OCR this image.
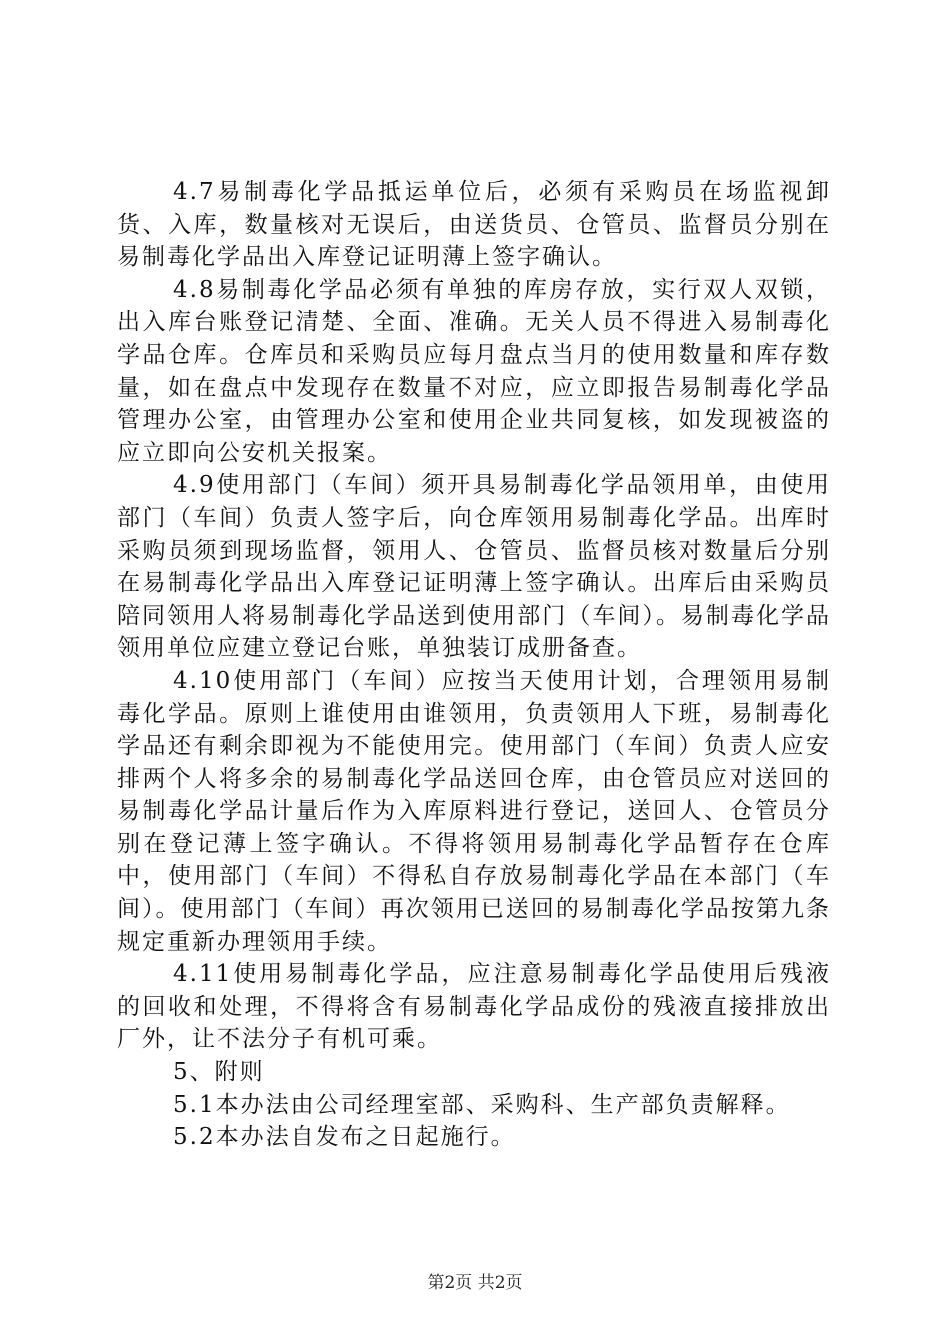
4.7易制毒化学品抵运单位后，必须有采购员在场监视卸货、入库，数量核对无误后，由送货员、仓管员、监督员分别在易制毒化学品出入库登记证明薄上签字确认。

4.8易制毒化学品必须有单独的库房存放，实行双人双锁，出入库台账登记清楚、全面、准确。无关人员不得进入易制毒化学品仓库。仓库员和采购员应每月盘点当月的使用数量和库存数量，如在盘点中发现存在数量不对应，应立即报告易制毒化学品管理办公室，由管理办公室和使用企业共同复核，如发现被盗的应立即向公安机关报案。

4.9使用部门（车间）须开具易制毒化学品领用单，由使用部门（车间）负责人签字后，向仓库领用易制毒化学品。出库时采购员须到现场监督，领用人、仓管员、监督员核对数量后分别在易制毒化学品出入库登记证明薄上签字确认。出库后由采购员陪同领用人将易制毒化学品送到使用部门（车间）。易制毒化学品领用单位应建立登记台账，单独装订成册备查。

4.10使用部门（车间）应按当天使用计划，合理领用易制毒化学品。原则上谁使用由谁领用，负责领用人下班，易制毒化学品还有剩余即视为不能使用完。使用部门（车间）负责人应安排两个人将多余的易制毒化学品送回仓库，由仓管员应对送回的易制毒化学品计量后作为入库原料进行登记，送回人、仓管员分别在登记薄上签字确认。不得将领用易制毒化学品暂存在仓库中，使用部门（车间）不得私自存放易制毒化学品在本部门（车间）。使用部门（车间）再次领用已送回的易制毒化学品按第九条规定重新办理领用手续。

4.11使用易制毒化学品，应注意易制毒化学品使用后残液的回收和处理，不得将含有易制毒化学品成份的残液直接排放出厂外，让不法分子有机可乘。

5、附则

5.1本办法由公司经理室部、采购科、生产部负责解释。

5.2本办法自发布之日起施行。

第2页 共2页
